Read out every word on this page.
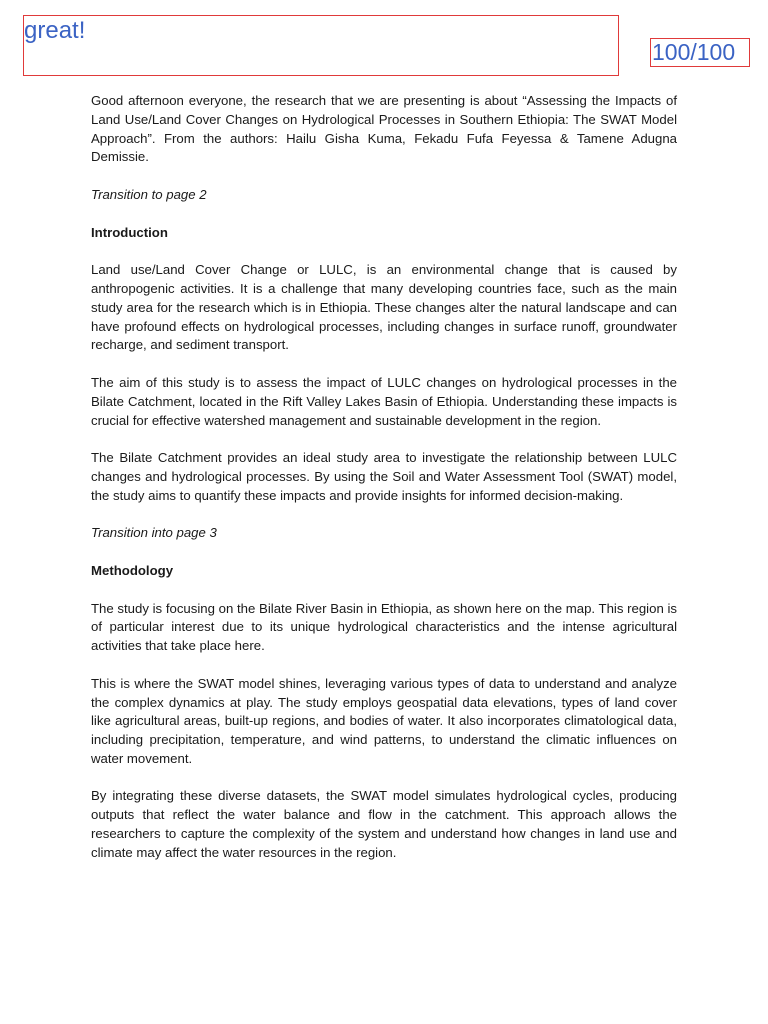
great!
100/100

Good afternoon everyone, the research that we are presenting is about “Assessing the Impacts of Land Use/Land Cover Changes on Hydrological Processes in Southern Ethiopia: The SWAT Model Approach”. From the authors: Hailu Gisha Kuma, Fekadu Fufa Feyessa & Tamene Adugna Demissie.

Transition to page 2

Introduction

Land use/Land Cover Change or LULC, is an environmental change that is caused by anthropogenic activities. It is a challenge that many developing countries face, such as the main study area for the research which is in Ethiopia. These changes alter the natural landscape and can have profound effects on hydrological processes, including changes in surface runoff, groundwater recharge, and sediment transport.

The aim of this study is to assess the impact of LULC changes on hydrological processes in the Bilate Catchment, located in the Rift Valley Lakes Basin of Ethiopia. Understanding these impacts is crucial for effective watershed management and sustainable development in the region.

The Bilate Catchment provides an ideal study area to investigate the relationship between LULC changes and hydrological processes. By using the Soil and Water Assessment Tool (SWAT) model, the study aims to quantify these impacts and provide insights for informed decision-making.

Transition into page 3

Methodology

The study is focusing on the Bilate River Basin in Ethiopia, as shown here on the map. This region is of particular interest due to its unique hydrological characteristics and the intense agricultural activities that take place here.

This is where the SWAT model shines, leveraging various types of data to understand and analyze the complex dynamics at play. The study employs geospatial data elevations, types of land cover like agricultural areas, built-up regions, and bodies of water. It also incorporates climatological data, including precipitation, temperature, and wind patterns, to understand the climatic influences on water movement.

By integrating these diverse datasets, the SWAT model simulates hydrological cycles, producing outputs that reflect the water balance and flow in the catchment. This approach allows the researchers to capture the complexity of the system and understand how changes in land use and climate may affect the water resources in the region.
